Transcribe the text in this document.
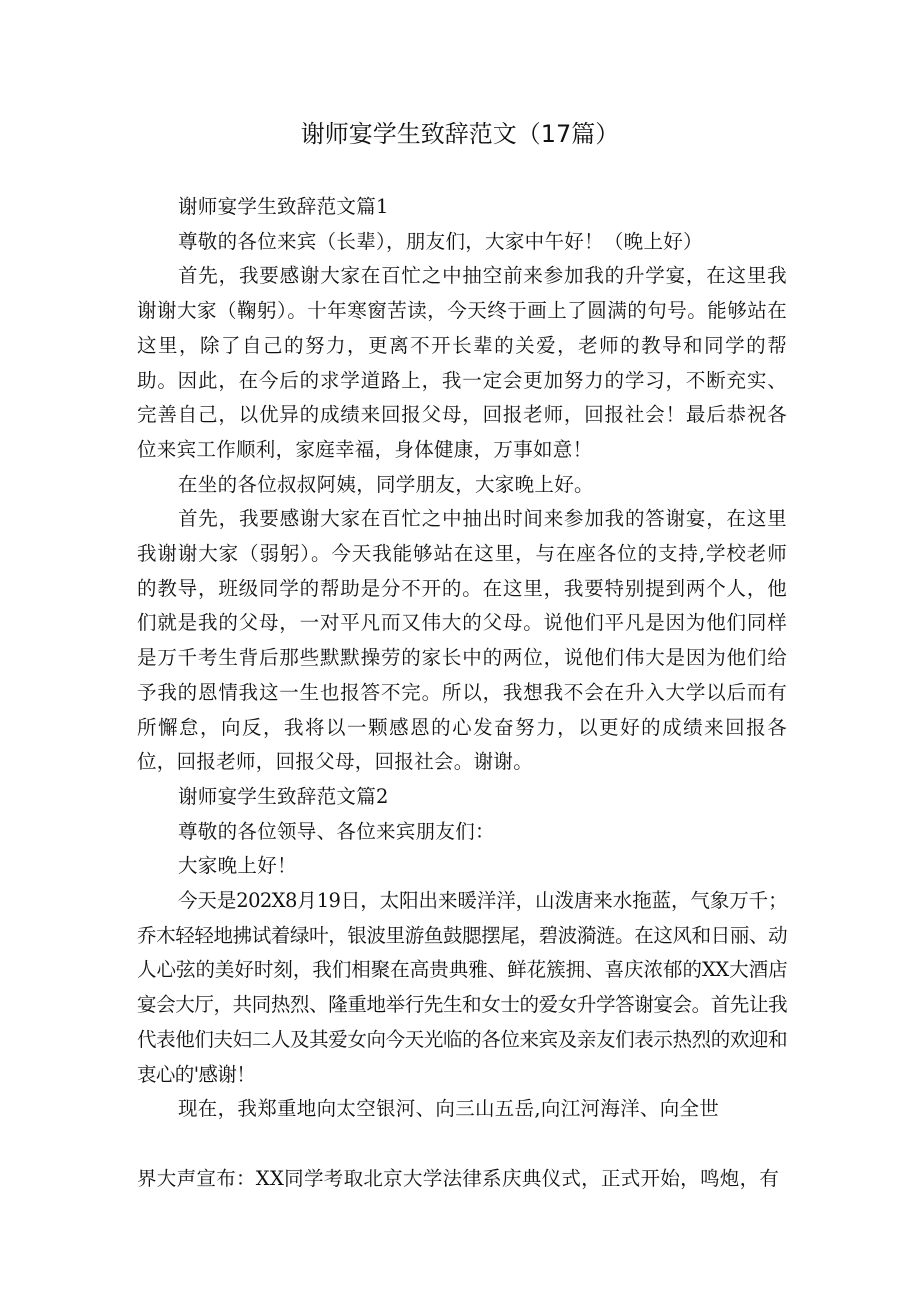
谢师宴学生致辞范文（17篇）

谢师宴学生致辞范文篇1

尊敬的各位来宾（长辈），朋友们，大家中午好！（晚上好）

首先，我要感谢大家在百忙之中抽空前来参加我的升学宴，在这里我谢谢大家（鞠躬）。十年寒窗苦读，今天终于画上了圆满的句号。能够站在这里，除了自己的努力，更离不开长辈的关爱，老师的教导和同学的帮助。因此，在今后的求学道路上，我一定会更加努力的学习，不断充实、完善自己，以优异的成绩来回报父母，回报老师，回报社会！最后恭祝各位来宾工作顺利，家庭幸福，身体健康，万事如意！

在坐的各位叔叔阿姨，同学朋友，大家晚上好。

首先，我要感谢大家在百忙之中抽出时间来参加我的答谢宴，在这里我谢谢大家（弱躬）。今天我能够站在这里，与在座各位的支持,学校老师的教导，班级同学的帮助是分不开的。在这里，我要特别提到两个人，他们就是我的父母，一对平凡而又伟大的父母。说他们平凡是因为他们同样是万千考生背后那些默默操劳的家长中的两位，说他们伟大是因为他们给予我的恩情我这一生也报答不完。所以，我想我不会在升入大学以后而有所懈怠，向反，我将以一颗感恩的心发奋努力，以更好的成绩来回报各位，回报老师，回报父母，回报社会。谢谢。

谢师宴学生致辞范文篇2

尊敬的各位领导、各位来宾朋友们：

大家晚上好！

今天是202X8月19日，太阳出来暖洋洋，山泼唐来水拖蓝，气象万千；乔木轻轻地拂试着绿叶，银波里游鱼鼓腮摆尾，碧波漪涟。在这风和日丽、动人心弦的美好时刻，我们相聚在高贵典雅、鲜花簇拥、喜庆浓郁的XX大酒店宴会大厅，共同热烈、隆重地举行先生和女士的爱女升学答谢宴会。首先让我代表他们夫妇二人及其爱女向今天光临的各位来宾及亲友们表示热烈的欢迎和衷心的'感谢！

现在，我郑重地向太空银河、向三山五岳,向江河海洋、向全世

界大声宣布：XX同学考取北京大学法律系庆典仪式，正式开始，鸣炮，有
